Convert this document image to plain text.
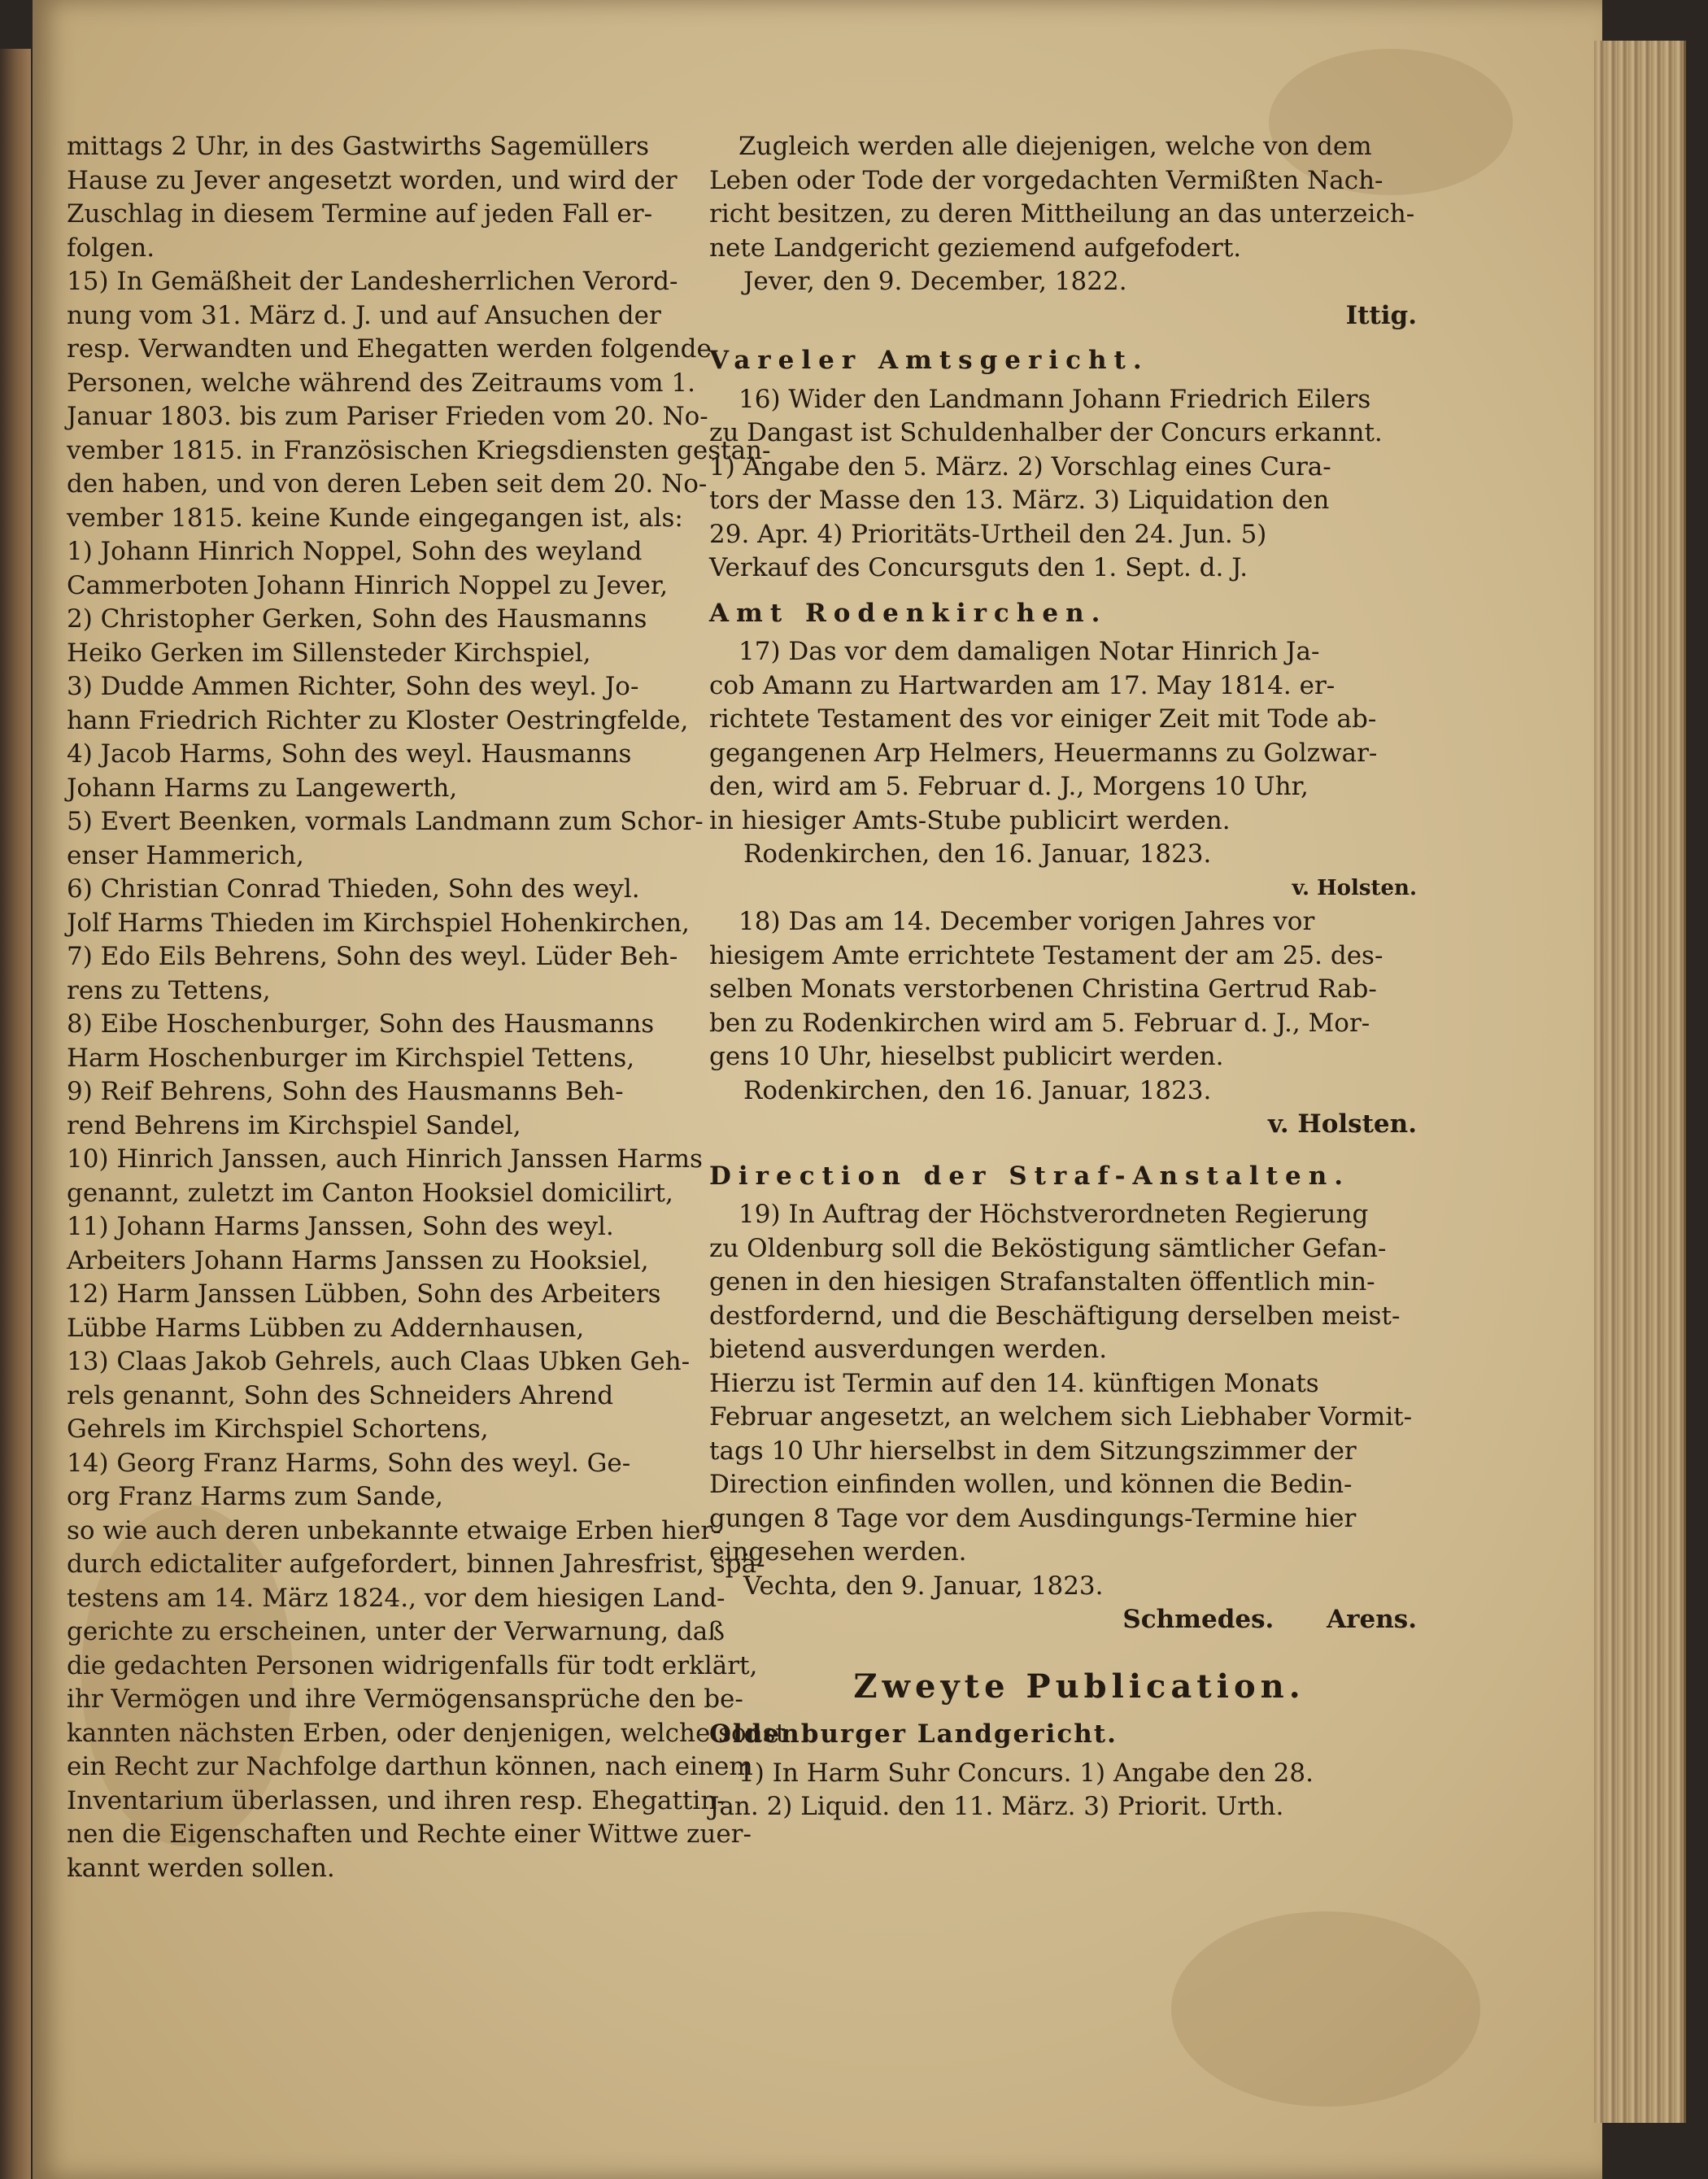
mittags 2 Uhr, in des Gastwirths Sagemüllers

Hause zu Jever angesetzt worden, und wird der

Zuschlag in diesem Termine auf jeden Fall er-

folgen.

15) In Gemäßheit der Landesherrlichen Verord-

nung vom 31. März d. J. und auf Ansuchen der

resp. Verwandten und Ehegatten werden folgende

Personen, welche während des Zeitraums vom 1.

Januar 1803. bis zum Pariser Frieden vom 20. No-

vember 1815. in Französischen Kriegsdiensten gestan-

den haben, und von deren Leben seit dem 20. No-

vember 1815. keine Kunde eingegangen ist, als:

1) Johann Hinrich Noppel, Sohn des weyland

Cammerboten Johann Hinrich Noppel zu Jever,

2) Christopher Gerken, Sohn des Hausmanns

Heiko Gerken im Sillensteder Kirchspiel,

3) Dudde Ammen Richter, Sohn des weyl. Jo-

hann Friedrich Richter zu Kloster Oestringfelde,

4) Jacob Harms, Sohn des weyl. Hausmanns

Johann Harms zu Langewerth,

5) Evert Beenken, vormals Landmann zum Schor-

enser Hammerich,

6) Christian Conrad Thieden, Sohn des weyl.

Jolf Harms Thieden im Kirchspiel Hohenkirchen,

7) Edo Eils Behrens, Sohn des weyl. Lüder Beh-

rens zu Tettens,

8) Eibe Hoschenburger, Sohn des Hausmanns

Harm Hoschenburger im Kirchspiel Tettens,

9) Reif Behrens, Sohn des Hausmanns Beh-

rend Behrens im Kirchspiel Sandel,

10) Hinrich Janssen, auch Hinrich Janssen Harms

genannt, zuletzt im Canton Hooksiel domicilirt,

11) Johann Harms Janssen, Sohn des weyl.

Arbeiters Johann Harms Janssen zu Hooksiel,

12) Harm Janssen Lübben, Sohn des Arbeiters

Lübbe Harms Lübben zu Addernhausen,

13) Claas Jakob Gehrels, auch Claas Ubken Geh-

rels genannt, Sohn des Schneiders Ahrend

Gehrels im Kirchspiel Schortens,

14) Georg Franz Harms, Sohn des weyl. Ge-

org Franz Harms zum Sande,

so wie auch deren unbekannte etwaige Erben hier-

durch edictaliter aufgefordert, binnen Jahresfrist, spä-

testens am 14. März 1824., vor dem hiesigen Land-

gerichte zu erscheinen, unter der Verwarnung, daß

die gedachten Personen widrigenfalls für todt erklärt,

ihr Vermögen und ihre Vermögensansprüche den be-

kannten nächsten Erben, oder denjenigen, welche sonst

ein Recht zur Nachfolge darthun können, nach einem

Inventarium überlassen, und ihren resp. Ehegattin-

nen die Eigenschaften und Rechte einer Wittwe zuer-

kannt werden sollen.

Zugleich werden alle diejenigen, welche von dem

Leben oder Tode der vorgedachten Vermißten Nach-

richt besitzen, zu deren Mittheilung an das unterzeich-

nete Landgericht geziemend aufgefodert.

Jever, den 9. December, 1822.

Ittig.

Vareler Amtsgericht.

16) Wider den Landmann Johann Friedrich Eilers

zu Dangast ist Schuldenhalber der Concurs erkannt.

1) Angabe den 5. März. 2) Vorschlag eines Cura-

tors der Masse den 13. März. 3) Liquidation den

29. Apr. 4) Prioritäts-Urtheil den 24. Jun. 5)

Verkauf des Concursguts den 1. Sept. d. J.

Amt Rodenkirchen.

17) Das vor dem damaligen Notar Hinrich Ja-

cob Amann zu Hartwarden am 17. May 1814. er-

richtete Testament des vor einiger Zeit mit Tode ab-

gegangenen Arp Helmers, Heuermanns zu Golzwar-

den, wird am 5. Februar d. J., Morgens 10 Uhr,

in hiesiger Amts-Stube publicirt werden.

Rodenkirchen, den 16. Januar, 1823.

v. Holsten.

18) Das am 14. December vorigen Jahres vor

hiesigem Amte errichtete Testament der am 25. des-

selben Monats verstorbenen Christina Gertrud Rab-

ben zu Rodenkirchen wird am 5. Februar d. J., Mor-

gens 10 Uhr, hieselbst publicirt werden.

Rodenkirchen, den 16. Januar, 1823.

v. Holsten.

Direction der Straf-Anstalten.

19) In Auftrag der Höchstverordneten Regierung

zu Oldenburg soll die Beköstigung sämtlicher Gefan-

genen in den hiesigen Strafanstalten öffentlich min-

destfordernd, und die Beschäftigung derselben meist-

bietend ausverdungen werden.

Hierzu ist Termin auf den 14. künftigen Monats

Februar angesetzt, an welchem sich Liebhaber Vormit-

tags 10 Uhr hierselbst in dem Sitzungszimmer der

Direction einfinden wollen, und können die Bedin-

gungen 8 Tage vor dem Ausdingungs-Termine hier

eingesehen werden.

Vechta, den 9. Januar, 1823.

Schmedes.      Arens.

Zweyte Publication.

Oldenburger Landgericht.

1) In Harm Suhr Concurs. 1) Angabe den 28.

Jan. 2) Liquid. den 11. März. 3) Priorit. Urth.
